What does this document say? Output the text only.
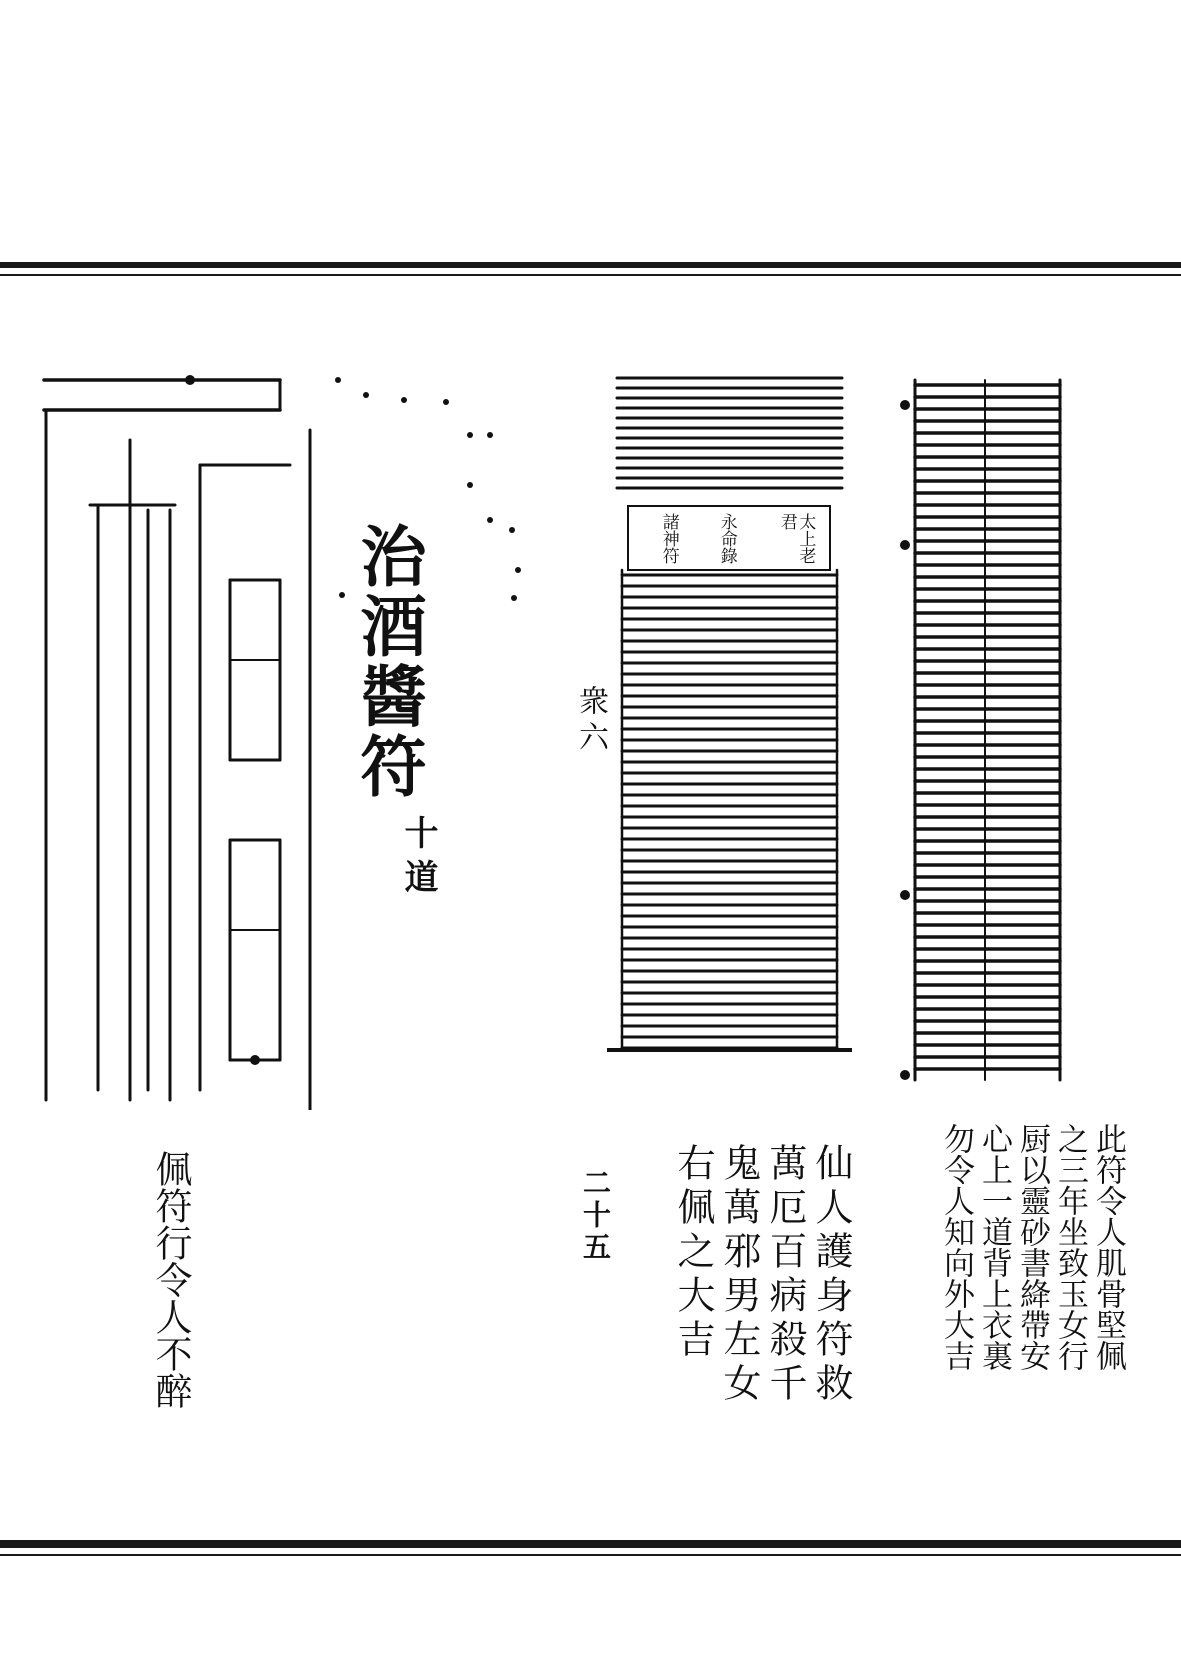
諸神符 永命錄	太上老君
治酒醬符
十道
衆六
二十五	此符令人肌骨堅佩
之三年坐致玉女行
厨以靈砂書絳帶安
心上一道背上衣裏
勿令人知向外大吉
仙人護身符救
萬厄百病殺千
鬼萬邪男左女
右佩之大吉
佩符行令人不醉
